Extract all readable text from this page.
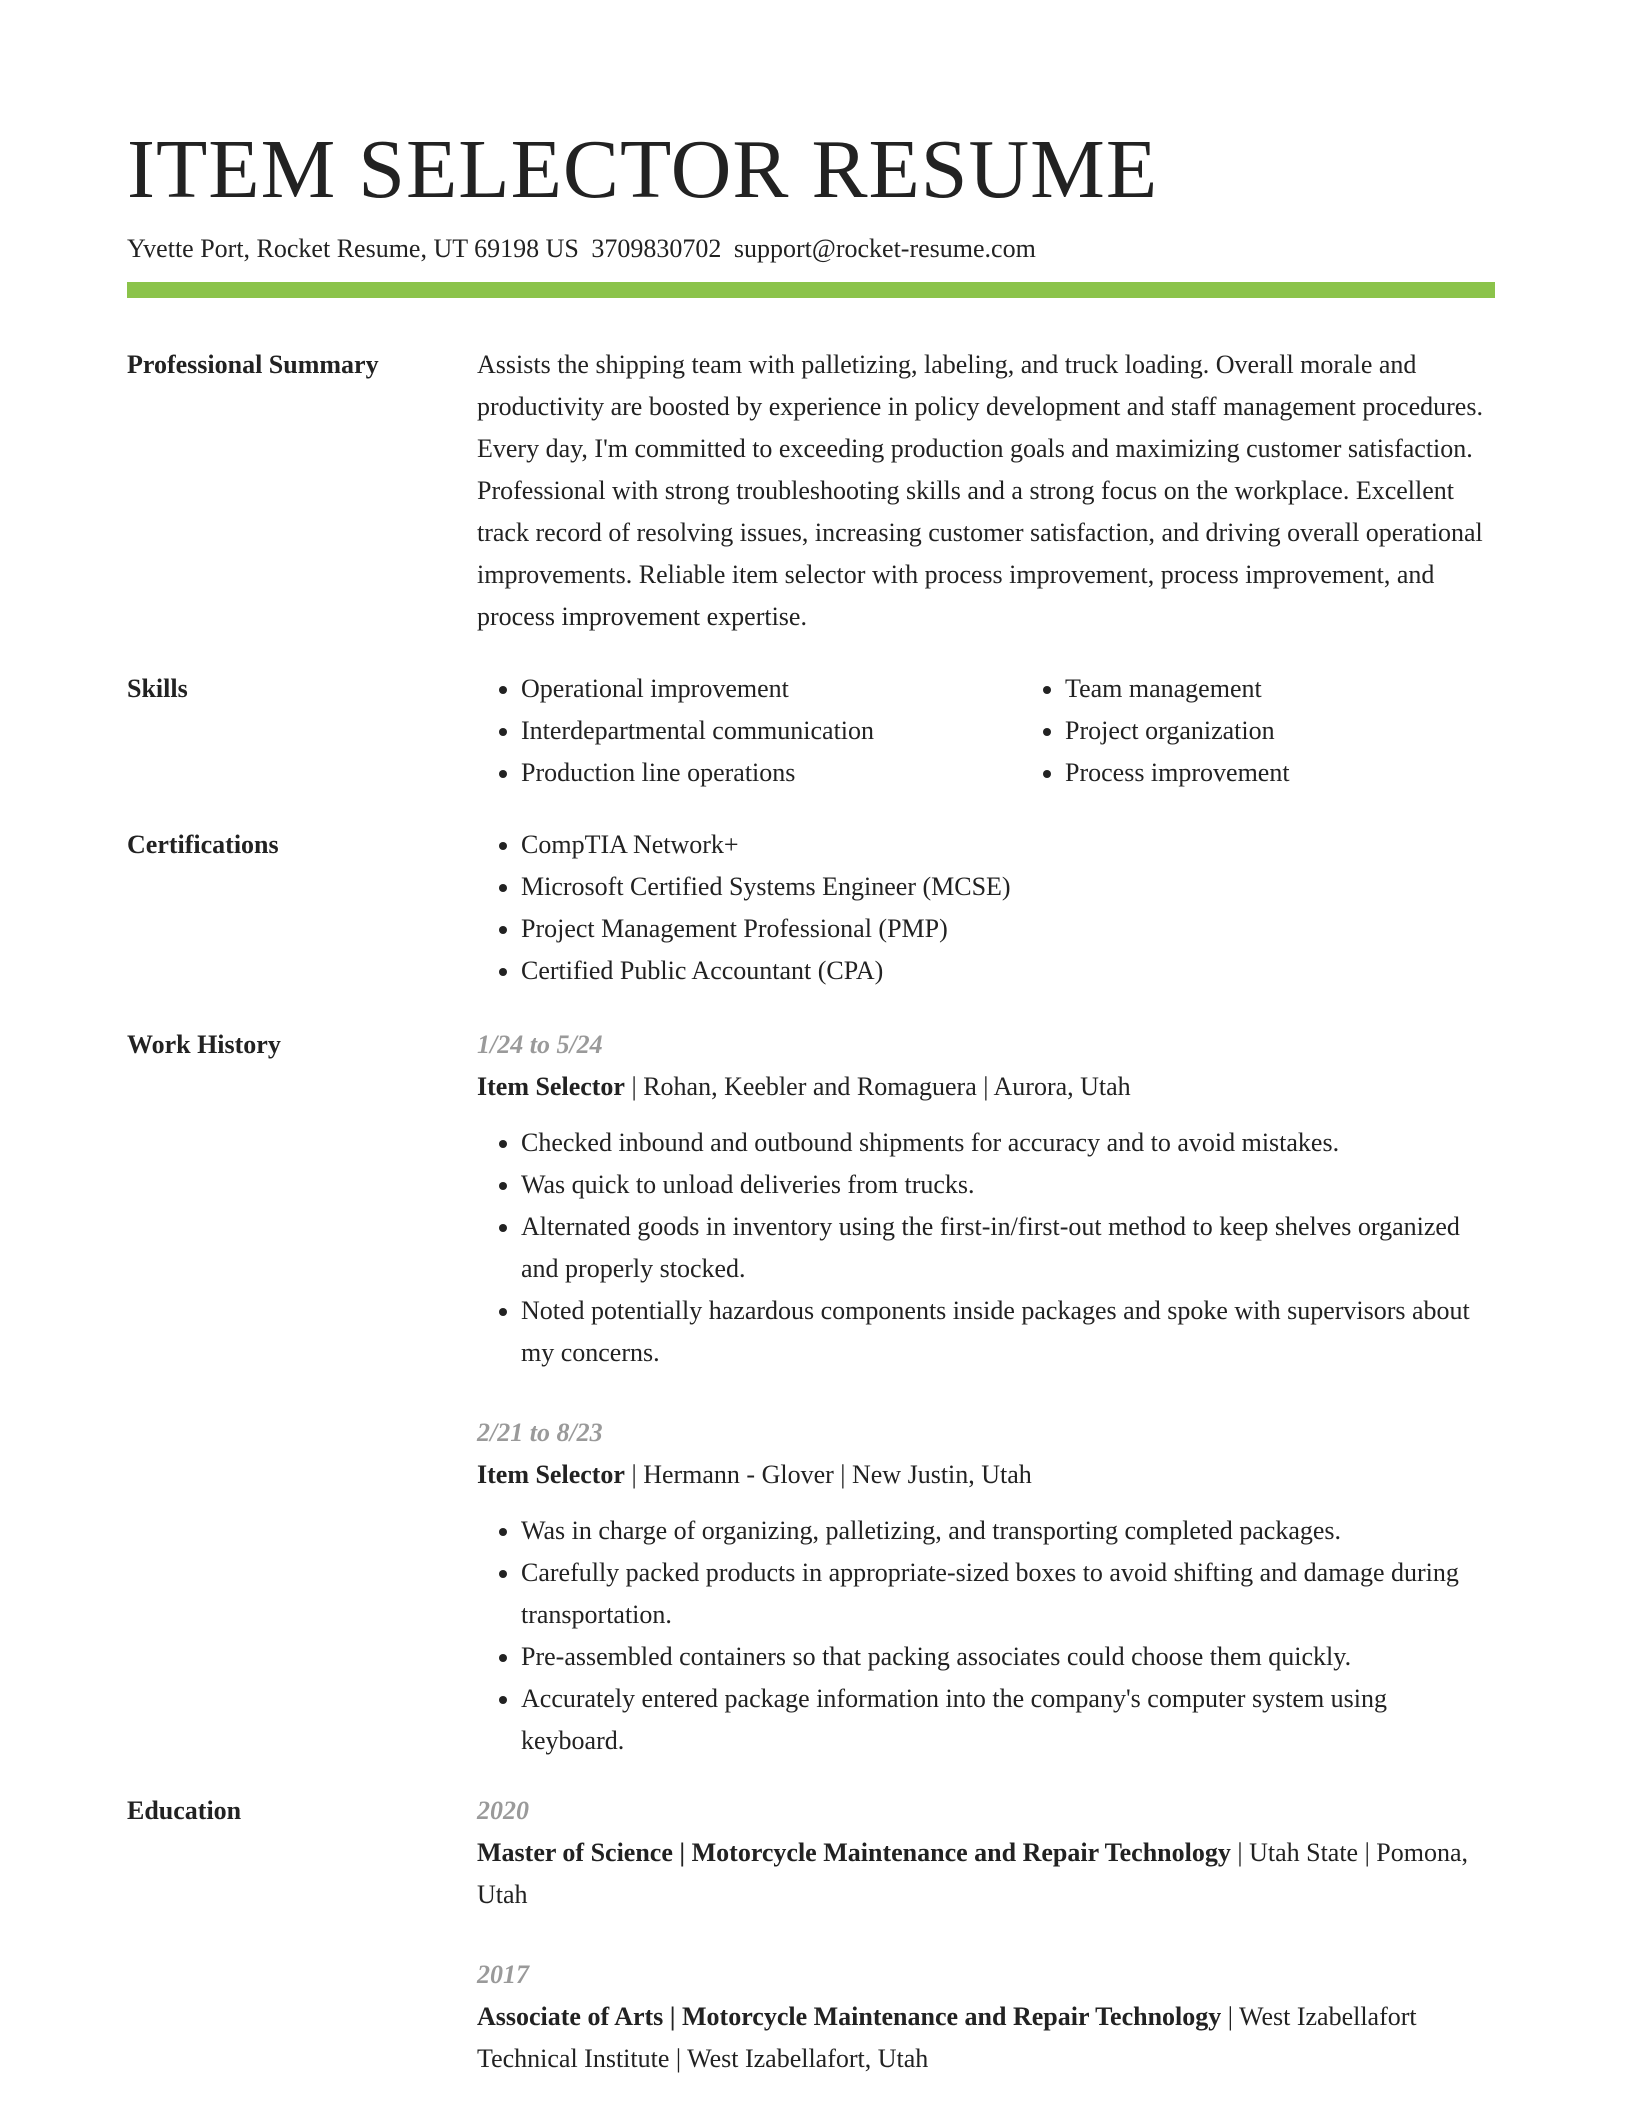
ITEM SELECTOR RESUME
Yvette Port, Rocket Resume, UT 69198 US 3709830702 support@rocket-resume.com
Professional Summary	Assists the shipping team with palletizing, labeling, and truck loading. Overall morale and productivity are boosted by experience in policy development and staff management procedures. Every day, I'm committed to exceeding production goals and maximizing customer satisfaction. Professional with strong troubleshooting skills and a strong focus on the workplace. Excellent track record of resolving issues, increasing customer satisfaction, and driving overall operational improvements. Reliable item selector with process improvement, process improvement, and process improvement expertise.

Skills	• Operational improvement
• Interdepartmental communication
• Production line operations
• Team management
• Project organization
• Process improvement
Certifications	• CompTIA Network+
• Microsoft Certified Systems Engineer (MCSE)
• Project Management Professional (PMP)
• Certified Public Accountant (CPA)
Work History	1/24 to 5/24
Item Selector | Rohan, Keebler and Romaguera | Aurora, Utah
• Checked inbound and outbound shipments for accuracy and to avoid mistakes.
• Was quick to unload deliveries from trucks.
• Alternated goods in inventory using the first-in/first-out method to keep shelves organized and properly stocked.
• Noted potentially hazardous components inside packages and spoke with supervisors about my concerns.
2/21 to 8/23
Item Selector | Hermann - Glover | New Justin, Utah
• Was in charge of organizing, palletizing, and transporting completed packages.
• Carefully packed products in appropriate-sized boxes to avoid shifting and damage during transportation.
• Pre-assembled containers so that packing associates could choose them quickly.
• Accurately entered package information into the company's computer system using keyboard.
Education	2020
Master of Science | Motorcycle Maintenance and Repair Technology | Utah State | Pomona, Utah
2017
Associate of Arts | Motorcycle Maintenance and Repair Technology | West Izabellafort Technical Institute | West Izabellafort, Utah
